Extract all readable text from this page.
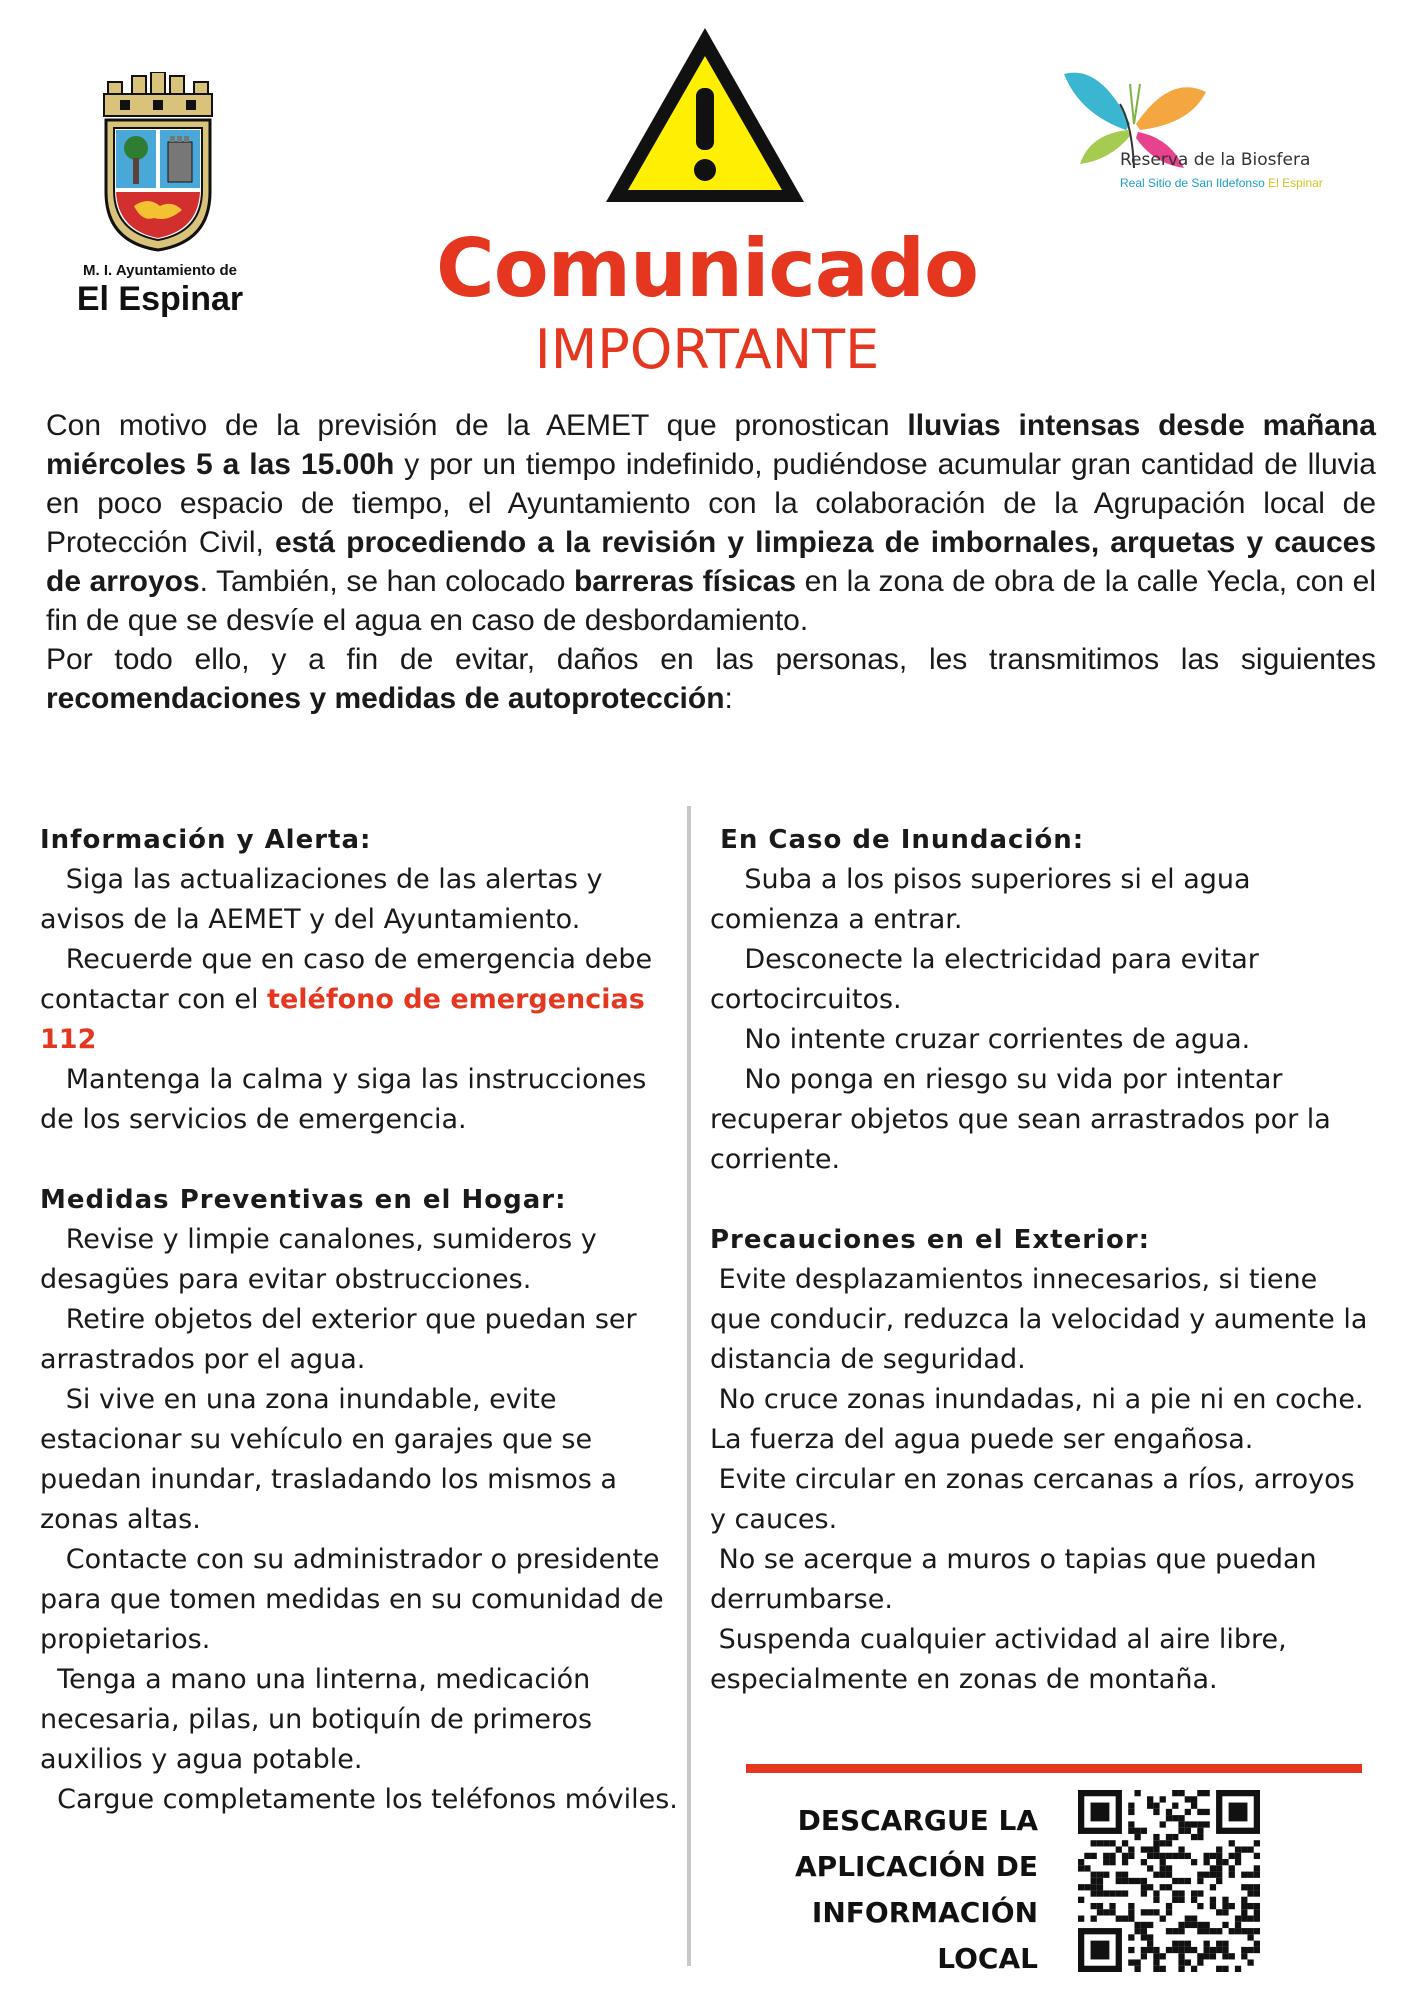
M. I. Ayuntamiento de
El Espinar
Reserva de la Biosfera
Real Sitio de San Ildefonso El Espinar
Comunicado
IMPORTANTE

Con motivo de la previsión de la AEMET que pronostican lluvias intensas desde mañana miércoles 5 a las 15.00h y por un tiempo indefinido, pudiéndose acumular gran cantidad de lluvia en poco espacio de tiempo, el Ayuntamiento con la colaboración de la Agrupación local de Protección Civil, está procediendo a la revisión y limpieza de imbornales, arquetas y cauces de arroyos. También, se han colocado barreras físicas en la zona de obra de la calle Yecla, con el fin de que se desvíe el agua en caso de desbordamiento.

Por todo ello, y a fin de evitar, daños en las personas, les transmitimos las siguientes recomendaciones y medidas de autoprotección:

Información y Alerta:

Siga las actualizaciones de las alertas y avisos de la AEMET y del Ayuntamiento.

Recuerde que en caso de emergencia debe contactar con el teléfono de emergencias 112

Mantenga la calma y siga las instrucciones de los servicios de emergencia.

Medidas Preventivas en el Hogar:

Revise y limpie canalones, sumideros y desagües para evitar obstrucciones.

Retire objetos del exterior que puedan ser arrastrados por el agua.

Si vive en una zona inundable, evite estacionar su vehículo en garajes que se puedan inundar, trasladando los mismos a zonas altas.

Contacte con su administrador o presidente para que tomen medidas en su comunidad de propietarios.

Tenga a mano una linterna, medicación necesaria, pilas, un botiquín de primeros auxilios y agua potable.

Cargue completamente los teléfonos móviles.

En Caso de Inundación:

Suba a los pisos superiores si el agua comienza a entrar.

Desconecte la electricidad para evitar cortocircuitos.

No intente cruzar corrientes de agua.

No ponga en riesgo su vida por intentar recuperar objetos que sean arrastrados por la corriente.

Precauciones en el Exterior:

Evite desplazamientos innecesarios, si tiene que conducir, reduzca la velocidad y aumente la distancia de seguridad.

No cruce zonas inundadas, ni a pie ni en coche. La fuerza del agua puede ser engañosa.

Evite circular en zonas cercanas a ríos, arroyos y cauces.

No se acerque a muros o tapias que puedan derrumbarse.

Suspenda cualquier actividad al aire libre, especialmente en zonas de montaña.

DESCARGUE LA
APLICACIÓN DE
INFORMACIÓN
LOCAL
